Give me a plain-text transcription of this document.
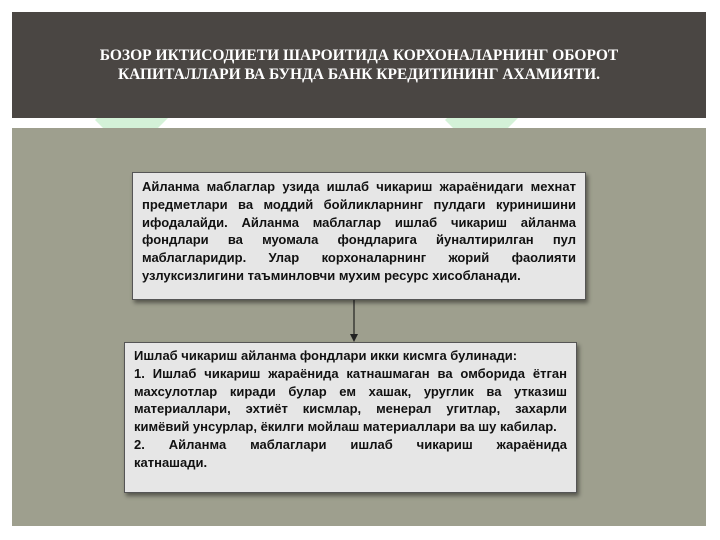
БОЗОР ИКТИСОДИЕТИ ШАРОИТИДА КОРХОНАЛАРНИНГ ОБОРОТ
КАПИТАЛЛАРИ ВА БУНДА БАНК КРЕДИТИНИНГ АХАМИЯТИ.
Айланма маблаглар узида ишлаб чикариш жараёнидаги мехнат предметлари ва моддий бойликларнинг пулдаги куринишини ифодалайди. Айланма маблаглар ишлаб чикариш айланма фондлари ва муомала фондларига йуналтирилган пул маблагларидир. Улар корхоналарнинг жорий фаолияти узлуксизлигини таъминловчи мухим ресурс хисобланади.
Ишлаб чикариш айланма фондлари икки кисмга булинади:
1. Ишлаб чикариш жараёнида катнашмаган ва омборида ётган махсулотлар киради булар ем хашак, уруглик ва утказиш материаллари, эхтиёт кисмлар, менерал угитлар, захарли кимёвий унсурлар, ёкилги мойлаш материаллари ва шу кабилар.
2. Айланма маблаглари ишлаб чикариш жараёнида
катнашади.
